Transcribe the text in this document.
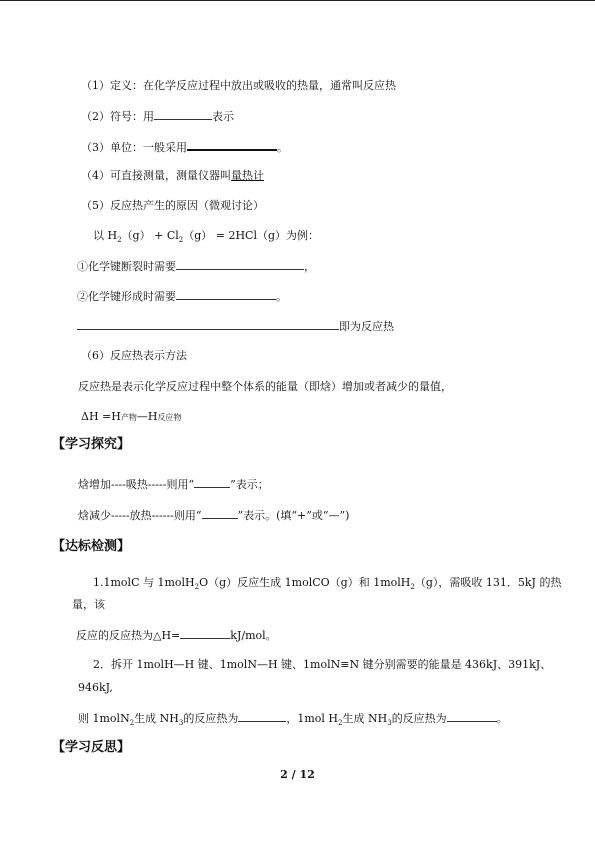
（1）定义：在化学反应过程中放出或吸收的热量，通常叫反应热
（2）符号：用	表示
（3）单位：一般采用	。
（4）可直接测量，测量仪器叫量热计
（5）反应热产生的原因（微观讨论）
以 $H_2(g) + Cl_2(g) = 2HCl(g)$为例：
①化学键断裂时需要	，
②化学键形成时需要	。
即为反应热
（6）反应热表示方法
反应热是表示化学反应过程中整个体系的能量（即焓）增加或者减少的量值，
ΔH =H产物—H反应物
【学习探究】
焓增加----吸热-----则用“	”表示；
焓减少-----放热------则用“	”表示。(填“+”或“—”)
【达标检测】
1.1molC 与 1molH$_2$O（g）反应生成 1molCO（g）和 1molH$_2$（g），需吸收 131．5kJ 的热
量，该
反应的反应热为△H=	kJ/mol。
2．拆开 1molH—H 键、1molN—H 键、1molN≡N 键分别需要的能量是 436kJ、391kJ、
946kJ,
则 1molN$_2$生成 $NH_3$的反应热为	，1mol $H_2$生成 $NH_3$的反应热为	。
【学习反思】
2 / 12
